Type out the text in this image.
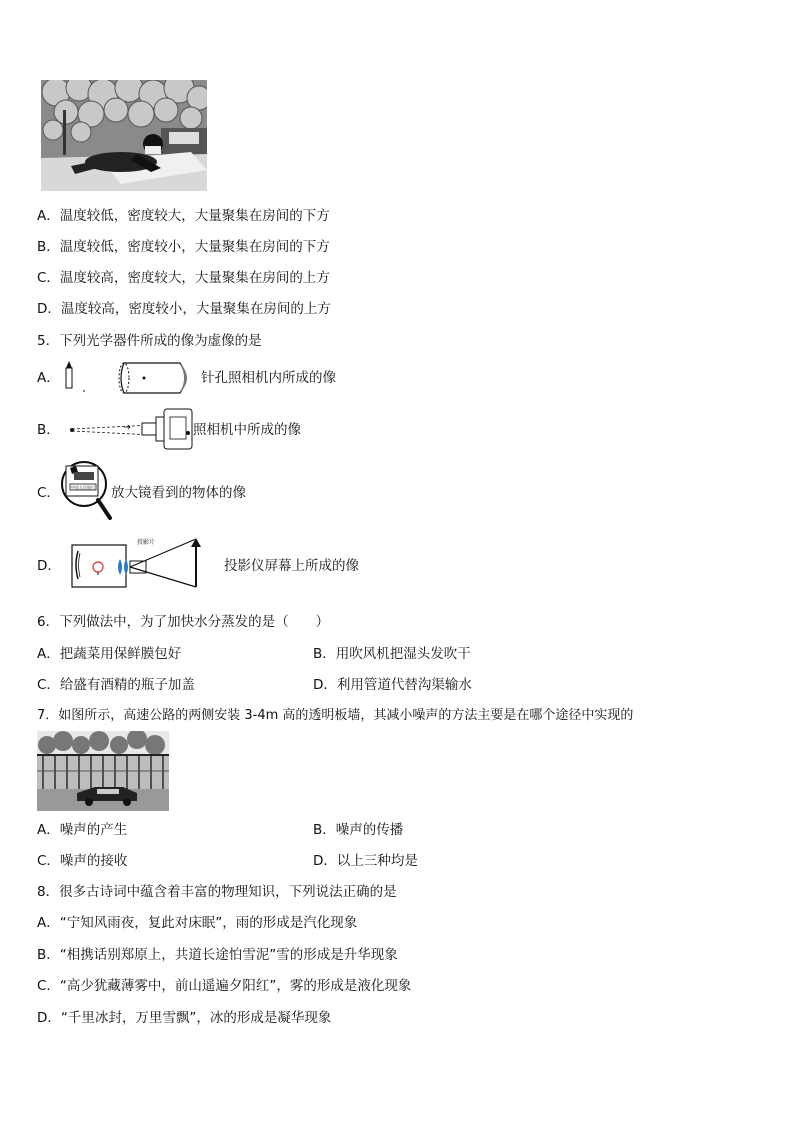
A．温度较低，密度较大，大量聚集在房间的下方
B．温度较低，密度较小，大量聚集在房间的下方
C．温度较高，密度较大，大量聚集在房间的上方
D．温度较高，密度较小，大量聚集在房间的上方
5．下列光学器件所成的像为虚像的是
A．	针孔照相机内所成的像
B．	照相机中所成的像
C．	中国人民银行 放大镜看到的物体的像
D．
投影片
投影仪屏幕上所成的像
6．下列做法中，为了加快水分蒸发的是（　　）
A．把蔬菜用保鲜膜包好	B．用吹风机把湿头发吹干
C．给盛有酒精的瓶子加盖	D．利用管道代替沟渠输水
7．如图所示，高速公路的两侧安装 3-4m 高的透明板墙，其减小噪声的方法主要是在哪个途径中实现的
A．噪声的产生	B．噪声的传播
C．噪声的接收	D．以上三种均是
8．很多古诗词中蕴含着丰富的物理知识，下列说法正确的是
A．“宁知风雨夜，复此对床眠”，雨的形成是汽化现象
B．“相携话别郑原上，共道长途怕雪泥”雪的形成是升华现象
C．“高少犹藏薄雾中，前山遥遍夕阳红”，雾的形成是液化现象
D．“千里冰封，万里雪飘”，冰的形成是凝华现象
